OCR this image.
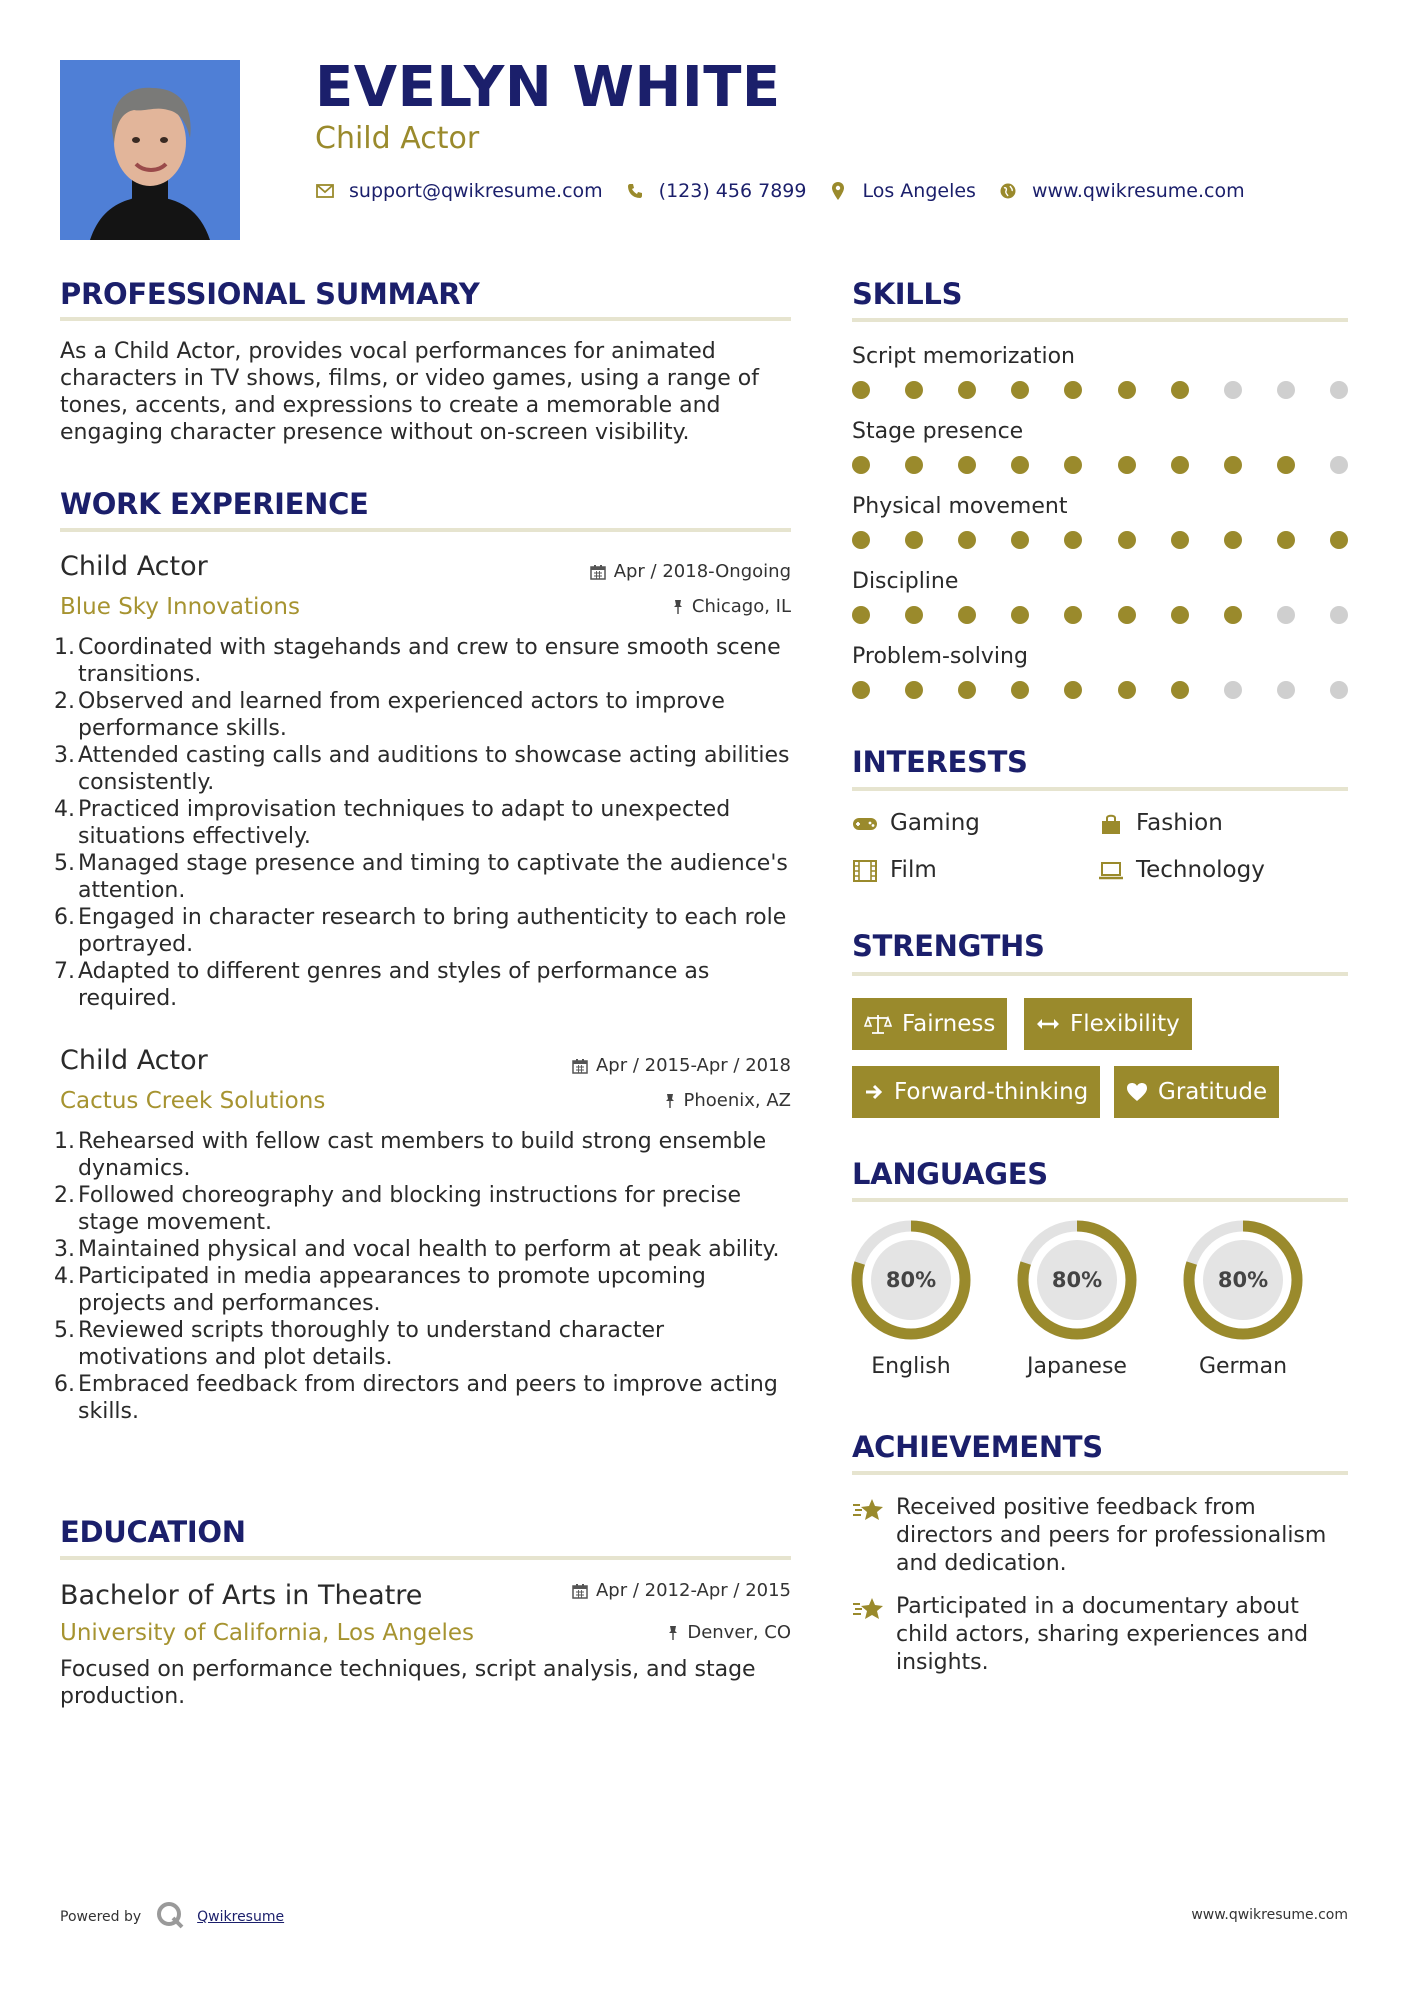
EVELYN WHITE
Child Actor
support@qwikresume.com	(123) 456 7899	Los Angeles	www.qwikresume.com
PROFESSIONAL SUMMARY
As a Child Actor, provides vocal performances for animated characters in TV shows, films, or video games, using a range of tones, accents, and expressions to create a memorable and engaging character presence without on-screen visibility.
WORK EXPERIENCE
Child Actor	Apr / 2018-Ongoing
Blue Sky Innovations	Chicago, IL
1. Coordinated with stagehands and crew to ensure smooth scene transitions.
2. Observed and learned from experienced actors to improve performance skills.
3. Attended casting calls and auditions to showcase acting abilities consistently.
4. Practiced improvisation techniques to adapt to unexpected situations effectively.
5. Managed stage presence and timing to captivate the audience's attention.
6. Engaged in character research to bring authenticity to each role portrayed.
7. Adapted to different genres and styles of performance as required.
Child Actor	Apr / 2015-Apr / 2018
Cactus Creek Solutions	Phoenix, AZ
1. Rehearsed with fellow cast members to build strong ensemble dynamics.
2. Followed choreography and blocking instructions for precise stage movement.
3. Maintained physical and vocal health to perform at peak ability.
4. Participated in media appearances to promote upcoming projects and performances.
5. Reviewed scripts thoroughly to understand character motivations and plot details.
6. Embraced feedback from directors and peers to improve acting skills.
EDUCATION
Bachelor of Arts in Theatre	Apr / 2012-Apr / 2015
University of California, Los Angeles	Denver, CO
Focused on performance techniques, script analysis, and stage production.
SKILLS
Script memorization
Stage presence
Physical movement
Discipline
Problem-solving
INTERESTS
Gaming	Fashion
Film	Technology
STRENGTHS
Fairness	Flexibility
Forward-thinking	Gratitude
LANGUAGES
80%
English
80%
Japanese
80%
German
ACHIEVEMENTS
Received positive feedback from directors and peers for professionalism and dedication.
Participated in a documentary about child actors, sharing experiences and insights.
Powered by	Qwikresume	www.qwikresume.com
